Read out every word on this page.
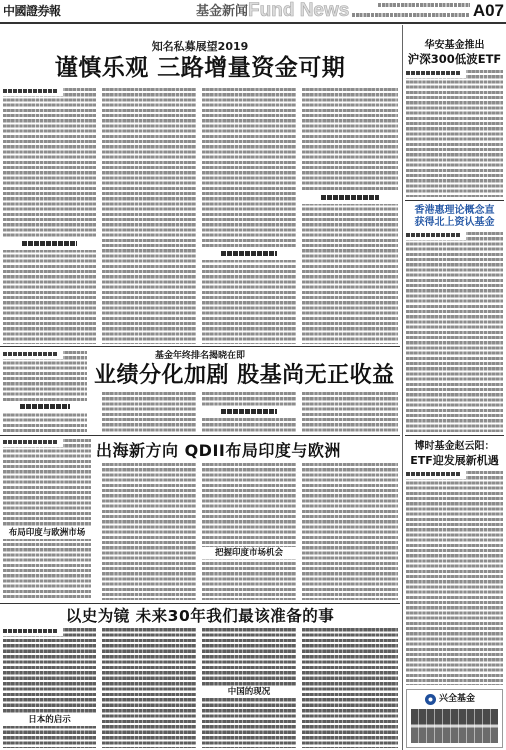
中國證券報	基金新闻 Fund News	A07
知名私募展望2019
谨慎乐观 三路增量资金可期
华安基金推出
沪深300低波ETF
香港惠理论概念直
获得北上资认基金
基金年终排名揭晓在即
业绩分化加剧 股基尚无正收益
布局印度与欧洲市场
出海新方向 QDII布局印度与欧洲
把握印度市场机会
博时基金赵云阳：
ETF迎发展新机遇
兴全基金
以史为镜 未来30年我们最该准备的事
日本的启示
中国的现况
